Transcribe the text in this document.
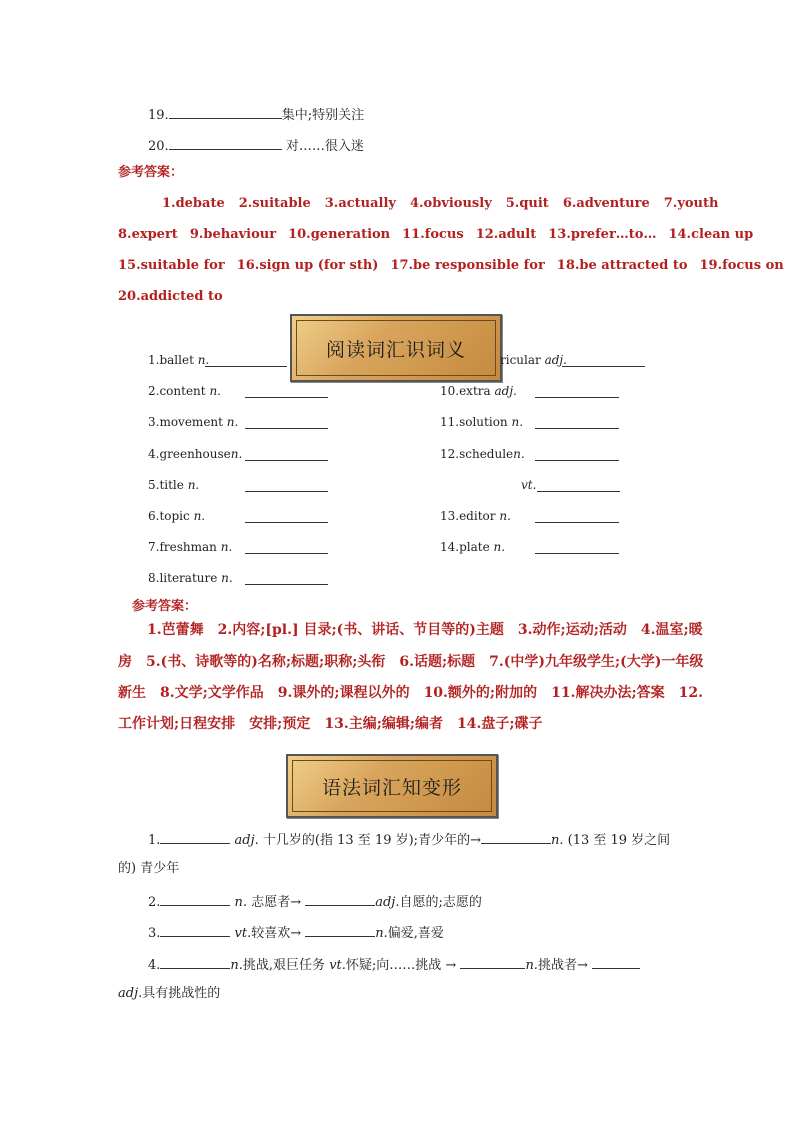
19.	集中;特别关注
20.	对……很入迷
参考答案：
1.debate 2.suitable 3.actually 4.obviously 5.quit 6.adventure 7.youth
8.expert 9.behaviour 10.generation 11.focus 12.adult 13.prefer…to… 14.clean up
15.suitable for 16.sign up (for sth) 17.be responsible for 18.be attracted to 19.focus on
20.addicted to
阅读词汇识词义
1.ballet n.
2.content n.
3.movement n.
4.greenhousen.
5.title n.
6.topic n.
7.freshman n.
8.literature n.
ricular adj.
10.extra adj.
11.solution n.
12.schedulen.
vt.
13.editor n.
14.plate n.
参考答案：
1.芭蕾舞　2.内容;[pl.] 目录;(书、讲话、节目等的)主题　3.动作;运动;活动　4.温室;暖
房　5.(书、诗歌等的)名称;标题;职称;头衔　6.话题;标题　7.(中学)九年级学生;(大学)一年级
新生　8.文学;文学作品　9.课外的;课程以外的　10.额外的;附加的　11.解决办法;答案　12.
工作计划;日程安排　安排;预定　13.主编;编辑;编者　14.盘子;碟子
语法词汇知变形
1.	adj. 十几岁的(指 13 至 19 岁);青少年的→	n. (13 至 19 岁之间
的) 青少年
2.	n. 志愿者→	adj.自愿的;志愿的
3.	vt.较喜欢→	n.偏爱,喜爱
4.	n.挑战,艰巨任务 vt.怀疑;向……挑战 →	n.挑战者→
adj.具有挑战性的
